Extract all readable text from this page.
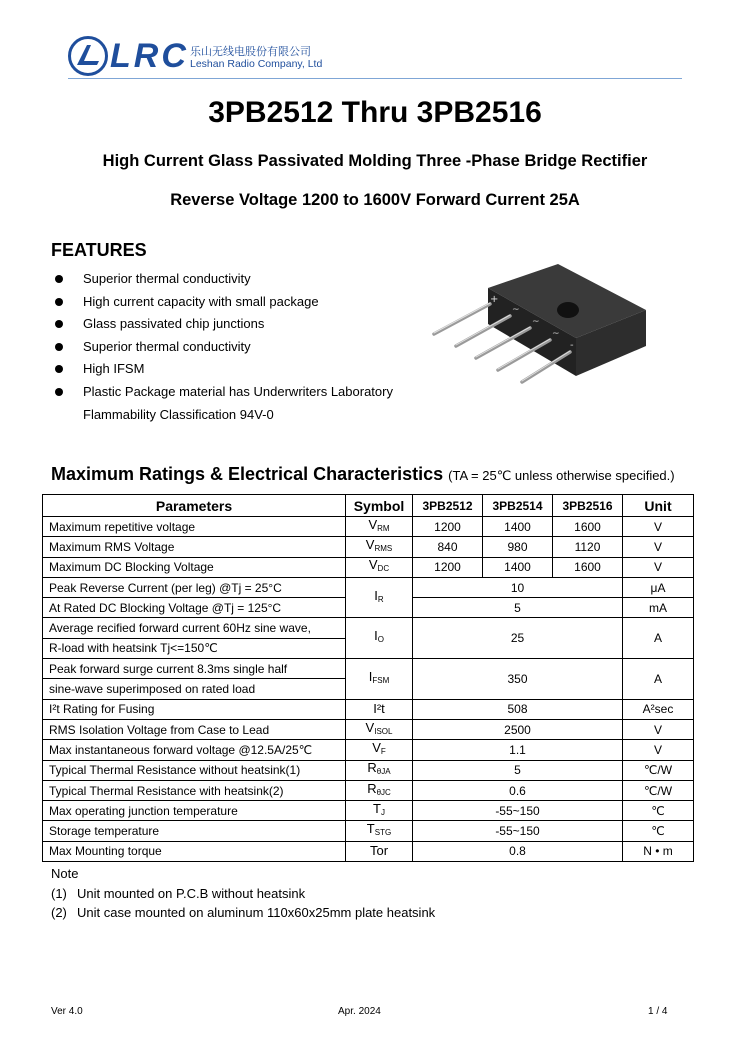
LRC 乐山无线电股份有限公司
Leshan Radio Company, Ltd
3PB2512 Thru 3PB2516
High Current Glass Passivated Molding Three -Phase Bridge Rectifier
Reverse Voltage 1200 to 1600V Forward Current 25A
FEATURES
Superior thermal conductivity
High current capacity with small package
Glass passivated chip junctions
Superior thermal conductivity
High IFSM
Plastic Package material has Underwriters Laboratory
Flammability Classification 94V-0
+
~
~
~
-
Maximum Ratings & Electrical Characteristics (TA = 25℃ unless otherwise specified.)
Parameters	Symbol	3PB2512	3PB2514	3PB2516	Unit
Maximum repetitive voltage	$V_{RM}$	1200	1400	1600	V
Maximum RMS Voltage	$V_{RMS}$	840	980	1120	V
Maximum DC Blocking Voltage	$V_{DC}$	1200	1400	1600	V
Peak Reverse Current (per leg) @Tj = 25°C	$I_R$	10			μA
At Rated DC Blocking Voltage @Tj = 125°C		5			mA
Average recified forward current 60Hz sine wave,	$I_O$	25			A
R-load with heatsink Tj<=150℃					
Peak forward surge current 8.3ms single half	$I_{FSM}$	350			A
sine-wave superimposed on rated load					
I²t Rating for Fusing	I²t	508			A²sec
RMS Isolation Voltage from Case to Lead	$V_{ISOL}$	2500			V
Max instantaneous forward voltage @12.5A/25℃	$V_F$	1.1			V
Typical Thermal Resistance without heatsink(1)	$R_{\theta JA}$	5			℃/W
Typical Thermal Resistance with heatsink(2)	$R_{\theta JC}$	0.6			℃/W
Max operating junction temperature	$T_J$	-55~150			℃
Storage temperature	$T_{STG}$	-55~150			℃
Max Mounting torque	Tor	0.8			N • m
Note
(1) Unit mounted on P.C.B without heatsink
(2) Unit case mounted on aluminum 110x60x25mm plate heatsink
Ver 4.0	Apr. 2024	1 / 4
